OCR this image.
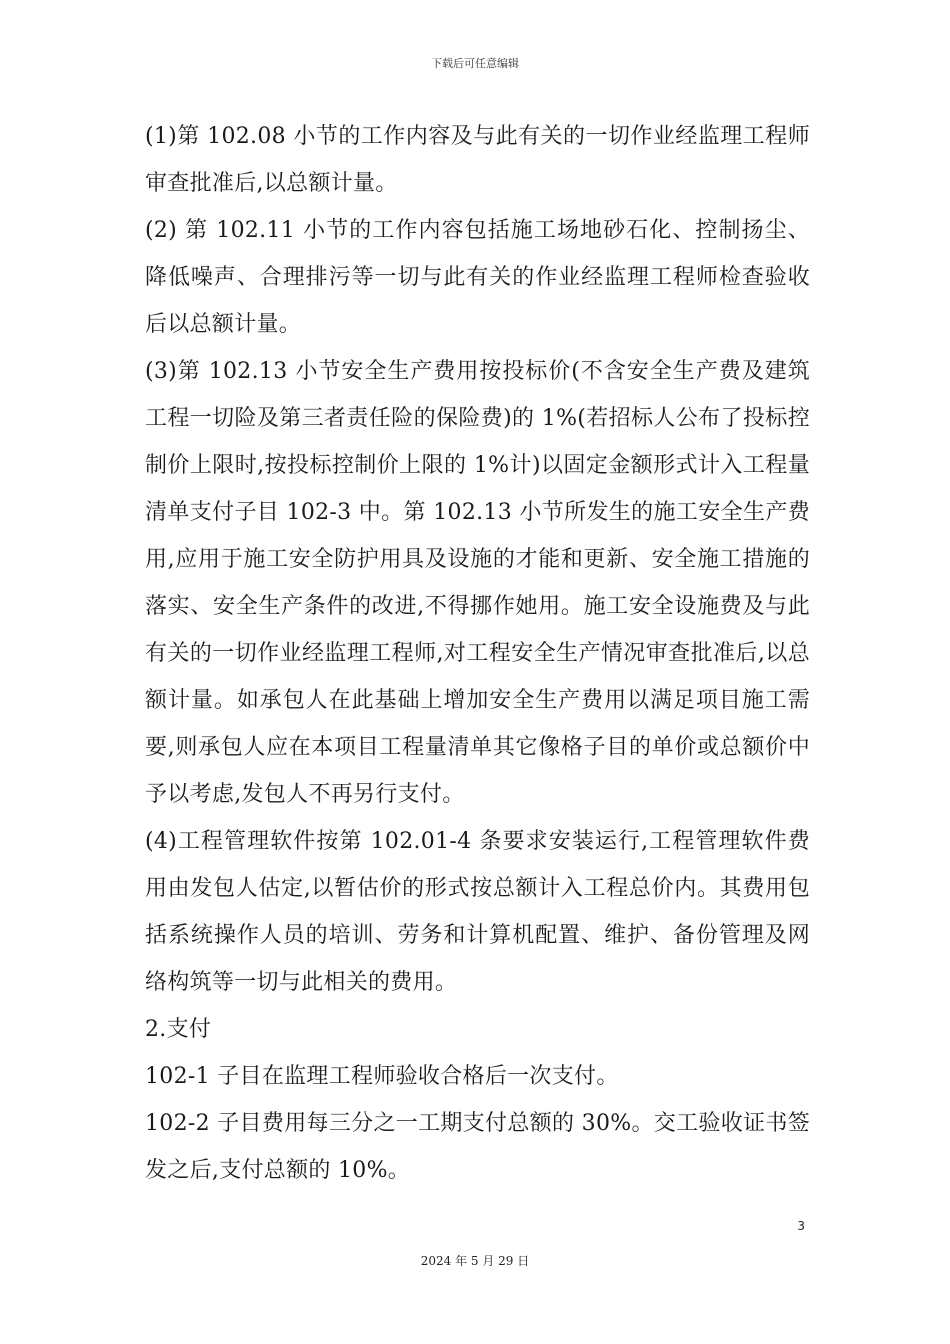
下载后可任意编辑

(1)第 102.08 小节的工作内容及与此有关的一切作业经监理工程师审查批准后,以总额计量。

(2) 第 102.11 小节的工作内容包括施工场地砂石化、控制扬尘、降低噪声、合理排污等一切与此有关的作业经监理工程师检查验收后以总额计量。

(3)第 102.13 小节安全生产费用按投标价(不含安全生产费及建筑工程一切险及第三者责任险的保险费)的 1%(若招标人公布了投标控制价上限时,按投标控制价上限的 1%计)以固定金额形式计入工程量清单支付子目 102-3 中。第 102.13 小节所发生的施工安全生产费用,应用于施工安全防护用具及设施的才能和更新、安全施工措施的落实、安全生产条件的改进,不得挪作她用。施工安全设施费及与此有关的一切作业经监理工程师,对工程安全生产情况审查批准后,以总额计量。如承包人在此基础上增加安全生产费用以满足项目施工需要,则承包人应在本项目工程量清单其它像格子目的单价或总额价中予以考虑,发包人不再另行支付。

(4)工程管理软件按第 102.01-4 条要求安装运行,工程管理软件费用由发包人估定,以暂估价的形式按总额计入工程总价内。其费用包括系统操作人员的培训、劳务和计算机配置、维护、备份管理及网络构筑等一切与此相关的费用。

2.支付

102-1 子目在监理工程师验收合格后一次支付。

102-2 子目费用每三分之一工期支付总额的 30%。交工验收证书签发之后,支付总额的 10%。

3
2024 年 5 月 29 日
